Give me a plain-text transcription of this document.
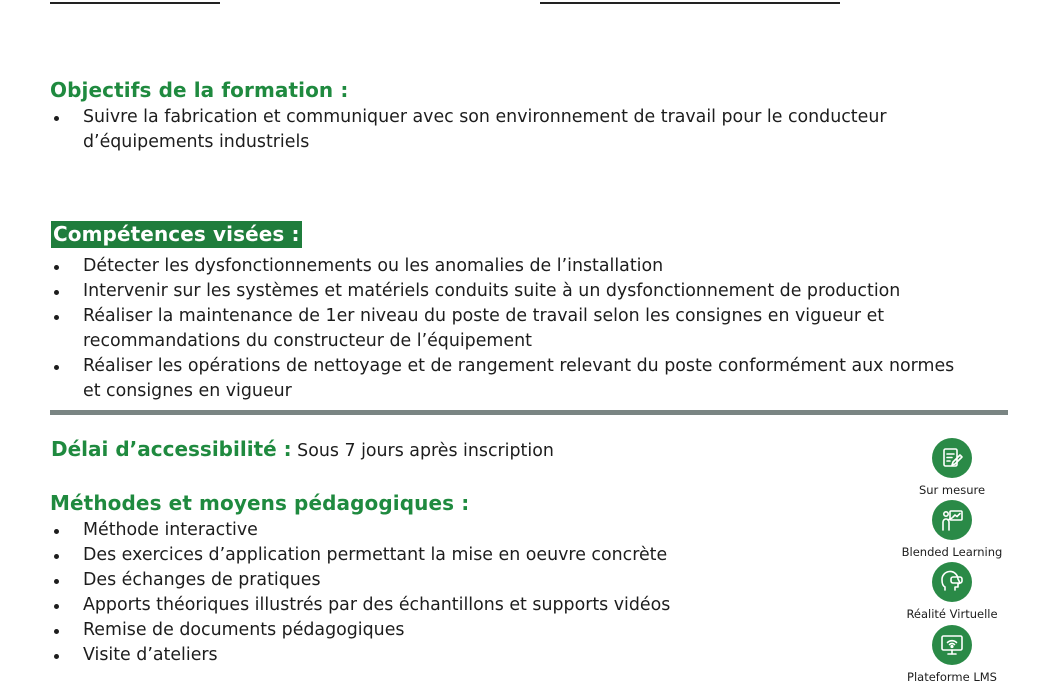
Objectifs de la formation :
Suivre la fabrication et communiquer avec son environnement de travail pour le conducteur d’équipements industriels
Compétences visées :
Détecter les dysfonctionnements ou les anomalies de l’installation
Intervenir sur les systèmes et matériels conduits suite à un dysfonctionnement de production
Réaliser la maintenance de 1er niveau du poste de travail selon les consignes en vigueur et recommandations du constructeur de l’équipement
Réaliser les opérations de nettoyage et de rangement relevant du poste conformément aux normes et consignes en vigueur
Délai d’accessibilité : Sous 7 jours après inscription
Méthodes et moyens pédagogiques :
Méthode interactive
Des exercices d’application permettant la mise en oeuvre concrète
Des échanges de pratiques
Apports théoriques illustrés par des échantillons et supports vidéos
Remise de documents pédagogiques
Visite d’ateliers
Sur mesure
Blended Learning
Réalité Virtuelle
Plateforme LMS
